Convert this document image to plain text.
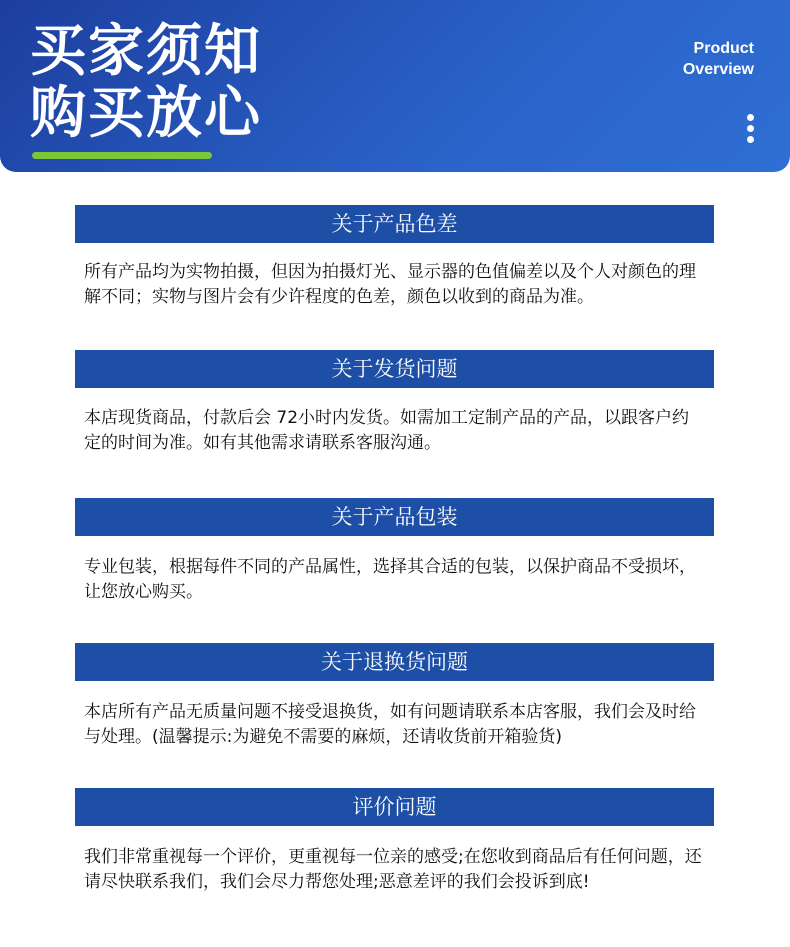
买家须知
购买放心
Product
Overview
关于产品色差
所有产品均为实物拍摄，但因为拍摄灯光、显示器的色值偏差以及个人对颜色的理解不同；实物与图片会有少许程度的色差，颜色以收到的商品为准。
关于发货问题
本店现货商品，付款后会 72小时内发货。如需加工定制产品的产品，以跟客户约定的时间为准。如有其他需求请联系客服沟通。
关于产品包装
专业包装，根据每件不同的产品属性，选择其合适的包装，以保护商品不受损坏，让您放心购买。
关于退换货问题
本店所有产品无质量问题不接受退换货，如有问题请联系本店客服，我们会及时给与处理。(温馨提示:为避免不需要的麻烦，还请收货前开箱验货)
评价问题
我们非常重视每一个评价，更重视每一位亲的感受;在您收到商品后有任何问题，还请尽快联系我们，我们会尽力帮您处理;恶意差评的我们会投诉到底!
